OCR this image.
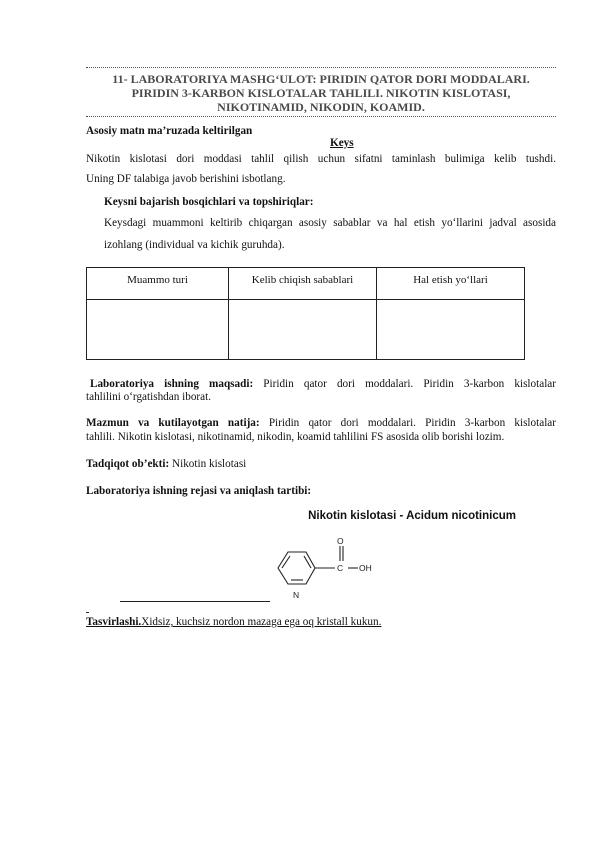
11- LABORATORIYA MASHG‘ULOT: PIRIDIN QATOR DORI MODDALARI.
PIRIDIN 3-KARBON KISLOTALAR TAHLILI. NIKOTIN KISLOTASI,
NIKOTINAMID, NIKODIN, KOAMID.
Asosiy matn ma’ruzada keltirilgan
Keys
Nikotin kislotasi dori moddasi tahlil qilish uchun sifatni taminlash bulimiga kelib tushdi.
Uning DF talabiga javob berishini isbotlang.
Keysni bajarish bosqichlari va topshiriqlar:
Keysdagi muammoni keltirib chiqargan asosiy sabablar va hal etish yo‘llarini jadval asosida
izohlang (individual va kichik guruhda).
Muammo turi	Kelib chiqish sabablari	Hal etish yo‘llari

Laboratoriya ishning maqsadi: Piridin qator dori moddalari. Piridin 3-karbon kislotalar
tahlilini o‘rgatishdan iborat.
Mazmun va kutilayotgan natija: Piridin qator dori moddalari. Piridin 3-karbon kislotalar
tahlili. Nikotin kislotasi, nikotinamid, nikodin, koamid tahlilini FS asosida olib borishi lozim.
Tadqiqot ob’ekti: Nikotin kislotasi
Laboratoriya ishning rejasi va aniqlash tartibi:
Nikotin kislotasi - Acidum nicotinicum
O
C OH
N
Tasvirlashi.Xidsiz, kuchsiz nordon mazaga ega oq kristall kukun.
